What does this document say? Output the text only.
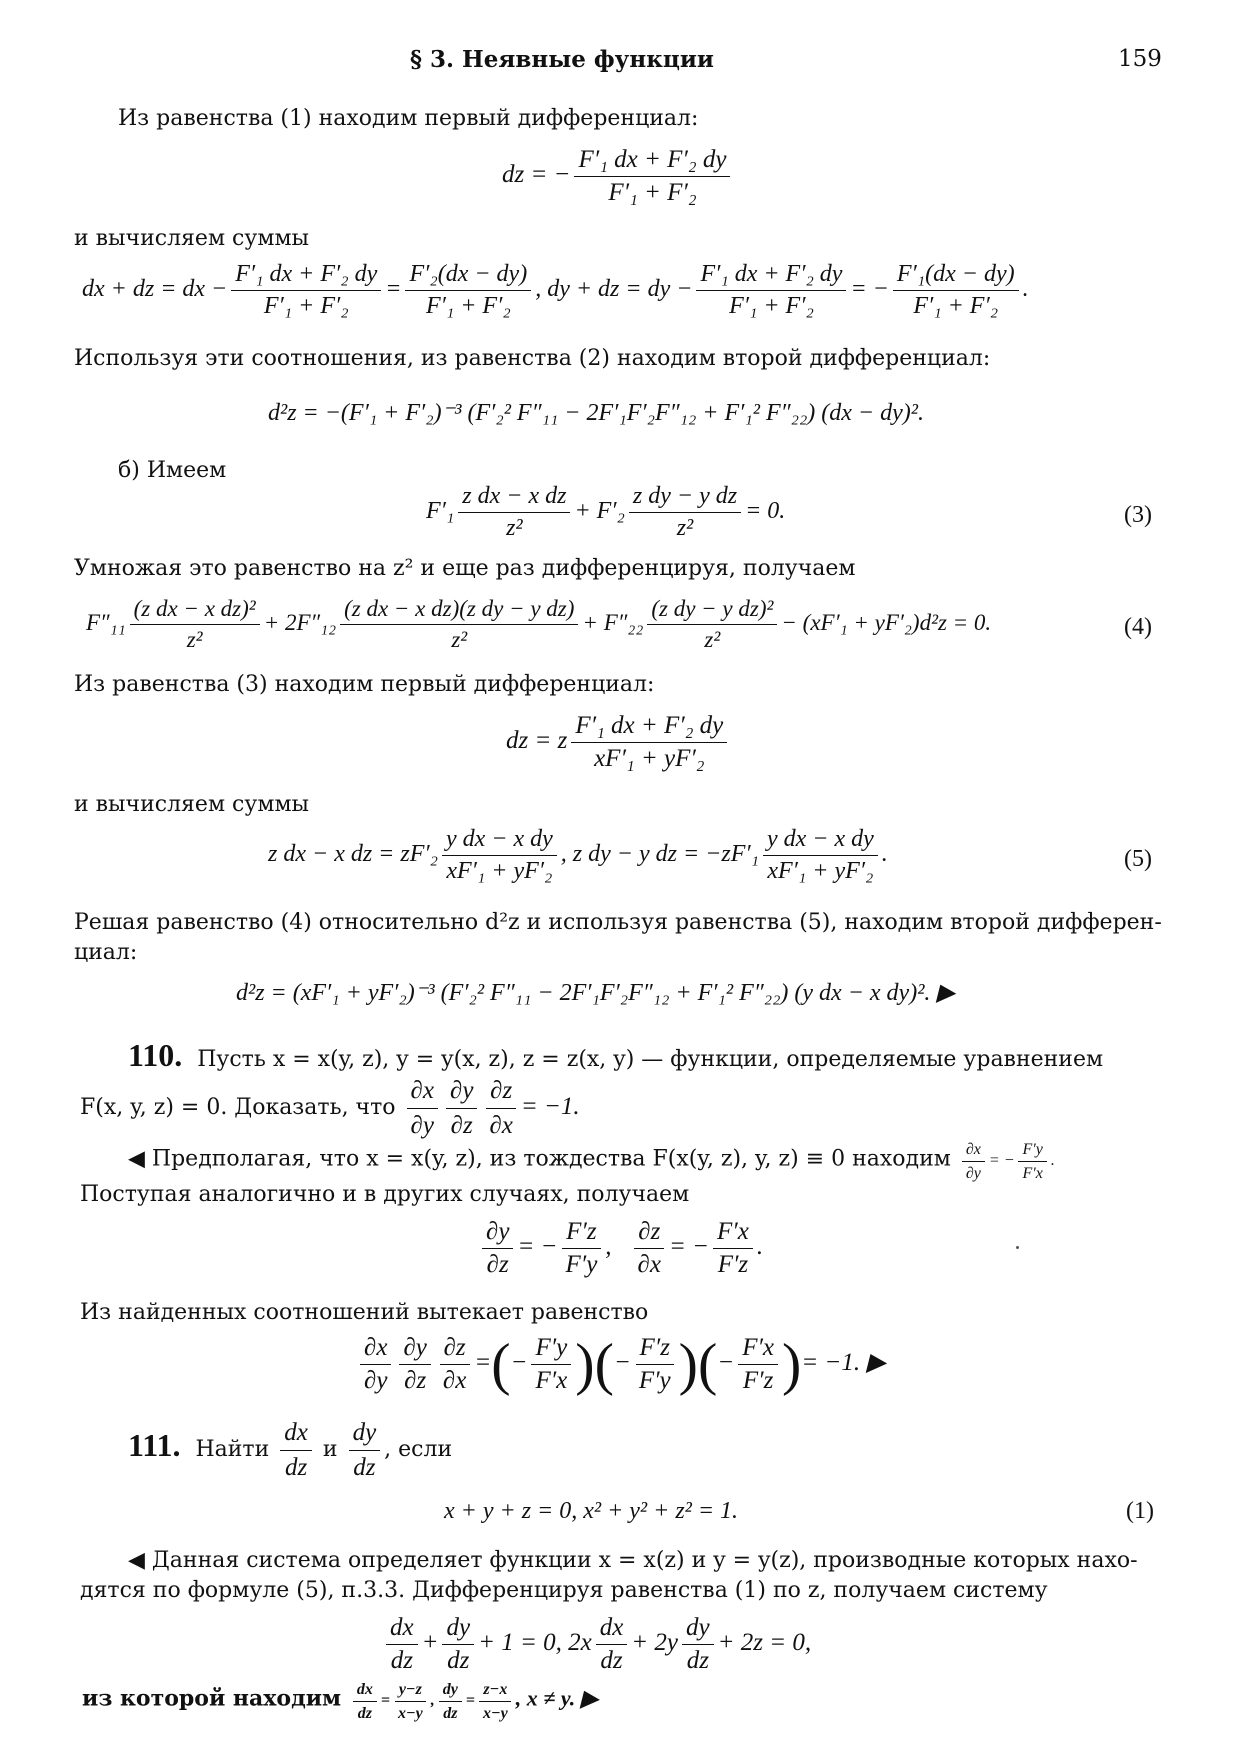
§ 3. Неявные функции	159
Из равенства (1) находим первый дифференциал:
dz = − $\frac{\text{F′₁ dx + F′₂ dy}}{\text{F′₁ + F′₂}}$
и вычисляем суммы
dx + dz = dx − $\frac{\text{F′₁ dx + F′₂ dy}}{\text{F′₁ + F′₂}} = \frac{\text{F′₂(dx − dy)}}{\text{F′₁ + F′₂}}$ , dy + dz = dy − $\frac{\text{F′₁ dx + F′₂ dy}}{\text{F′₁ + F′₂}}$ = − $\frac{\text{F′₁(dx − dy)}}{\text{F′₁ + F′₂}}$ .
Используя эти соотношения, из равенства (2) находим второй дифференциал:
d²z = −(F′₁ + F′₂)⁻³ (F′₂² F″₁₁ − 2F′₁F′₂F″₁₂ + F′₁² F″₂₂) (dx − dy)².
б) Имеем
$F'_1 \frac{\text{z dx − x dz}}{\text{z²}} + F'_2 \frac{\text{z dy − y dz}}{\text{z²}} = 0$.	(3)
Умножая это равенство на z² и еще раз дифференцируя, получаем
$F''_{11} \frac{\text{(z dx − x dz)²}}{\text{z²}} + 2F''_{12} \frac{\text{(z dx − x dz)(z dy − y dz)}}{\text{z²}} + F''_{22} \frac{\text{(z dy − y dz)²}}{\text{z²}} - (xF'_1 + yF'_2)d^2z = 0$.	(4)
Из равенства (3) находим первый дифференциал:
dz = z $\frac{\text{F′₁ dx + F′₂ dy}}{\text{xF′₁ + yF′₂}}$
и вычисляем суммы
z dx − x dz = $zF'_2 \frac{\text{y dx − x dy}}{\text{xF′₁ + yF′₂}}$ , z dy − y dz = $-zF'_1 \frac{\text{y dx − x dy}}{\text{xF′₁ + yF′₂}}$ .	(5)
Решая равенство (4) относительно d²z и используя равенства (5), находим второй дифферен-
циал:
d²z = (xF′₁ + yF′₂)⁻³ (F′₂² F″₁₁ − 2F′₁F′₂F″₁₂ + F′₁² F″₂₂) (y dx − x dy)². ▶
110. Пусть x = x(y, z), y = y(x, z), z = z(x, y) — функции, определяемые уравнением
F(x, y, z) = 0. Доказать, что $\frac{\partial x}{\partial y} \frac{\partial y}{\partial z} \frac{\partial z}{\partial x} = -1$.
◀ Предполагая, что x = x(y, z), из тождества F(x(y, z), y, z) ≡ 0 находим $\frac{\partial x}{\partial y}$ = − $\frac{F'y}{F'x}$ .
Поступая аналогично и в других случаях, получаем
$\frac{\partial y}{\partial z}$ = − $\frac{F'z}{F'y}$ , $\frac{\partial z}{\partial x}$ = − $\frac{F'x}{F'z}$ .
Из найденных соотношений вытекает равенство
$\frac{\partial x}{\partial y} \frac{\partial y}{\partial z} \frac{\partial z}{\partial x}$ =(− $\frac{F'y}{F'x}$ )(− $\frac{F'z}{F'y}$ )(− $\frac{F'x}{F'z}$ )= −1. ▶
111. Найти $\frac{dx}{dz}$ и $\frac{dy}{dz}$ , если
x + y + z = 0, x² + y² + z² = 1.	(1)
◀ Данная система определяет функции x = x(z) и y = y(z), производные которых нахо-
дятся по формуле (5), п.3.3. Дифференцируя равенства (1) по z, получаем систему
$\frac{dx}{dz} + \frac{dy}{dz} + 1 = 0$, $2x \frac{dx}{dz} + 2y \frac{dy}{dz} + 2z = 0$,
из которой находим $\frac{dx}{dz} = \frac{y-z}{x-y}$ , $\frac{dy}{dz} = \frac{z-x}{x-y}$ , x ≠ y. ▶
